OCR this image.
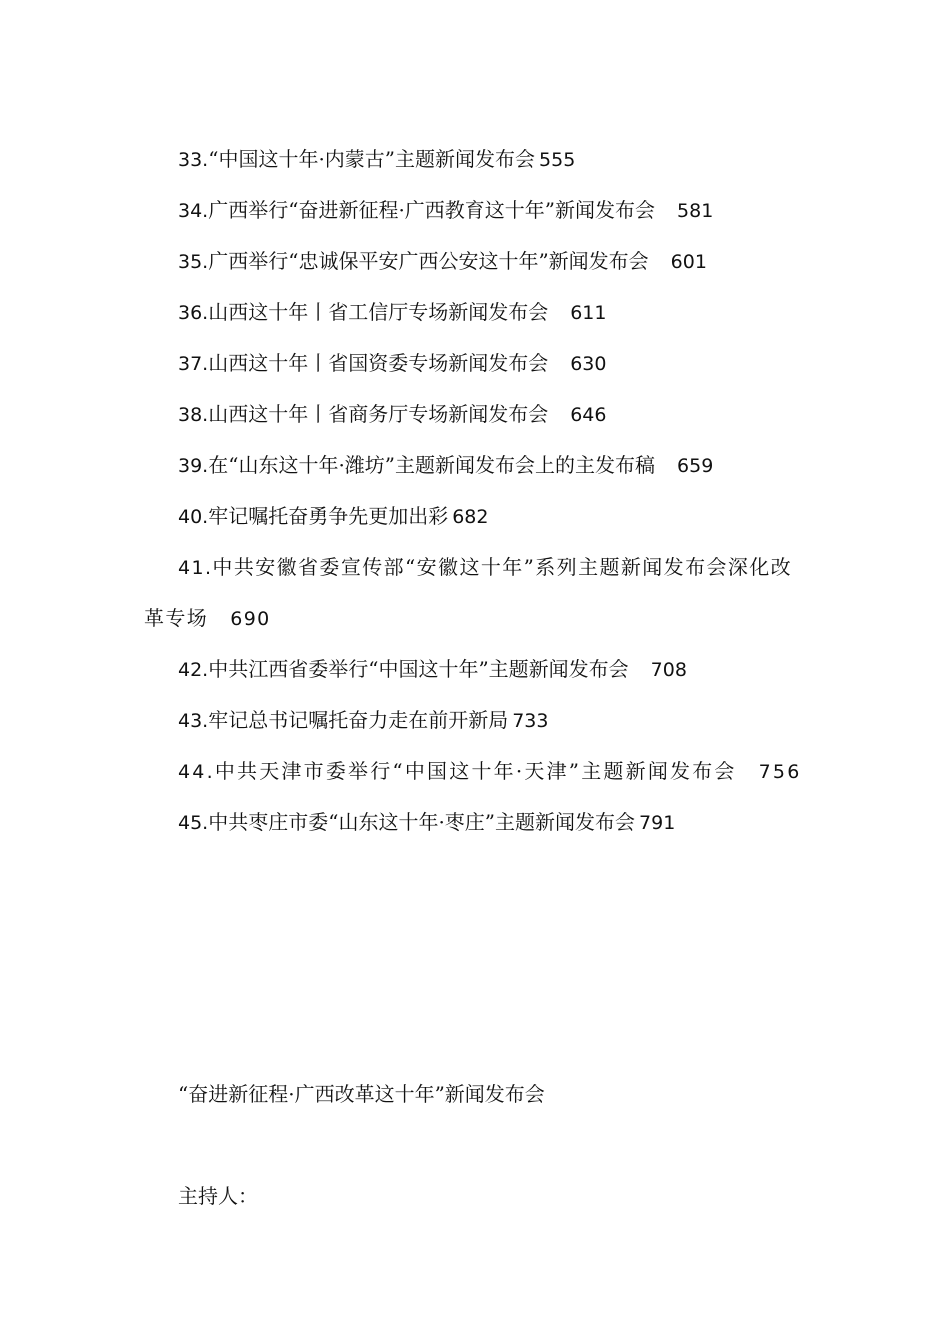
33.“中国这十年·内蒙古”主题新闻发布会 555
34.广西举行“奋进新征程·广西教育这十年”新闻发布会 581
35.广西举行“忠诚保平安广西公安这十年”新闻发布会 601
36.山西这十年丨省工信厅专场新闻发布会 611
37.山西这十年丨省国资委专场新闻发布会 630
38.山西这十年丨省商务厅专场新闻发布会 646
39.在“山东这十年·潍坊”主题新闻发布会上的主发布稿 659
40.牢记嘱托奋勇争先更加出彩 682
41.中共安徽省委宣传部“安徽这十年”系列主题新闻发布会深化改革专场 690
42.中共江西省委举行“中国这十年”主题新闻发布会 708
43.牢记总书记嘱托奋力走在前开新局 733
44.中共天津市委举行“中国这十年·天津”主题新闻发布会 756
45.中共枣庄市委“山东这十年·枣庄”主题新闻发布会 791
“奋进新征程·广西改革这十年”新闻发布会
主持人：
